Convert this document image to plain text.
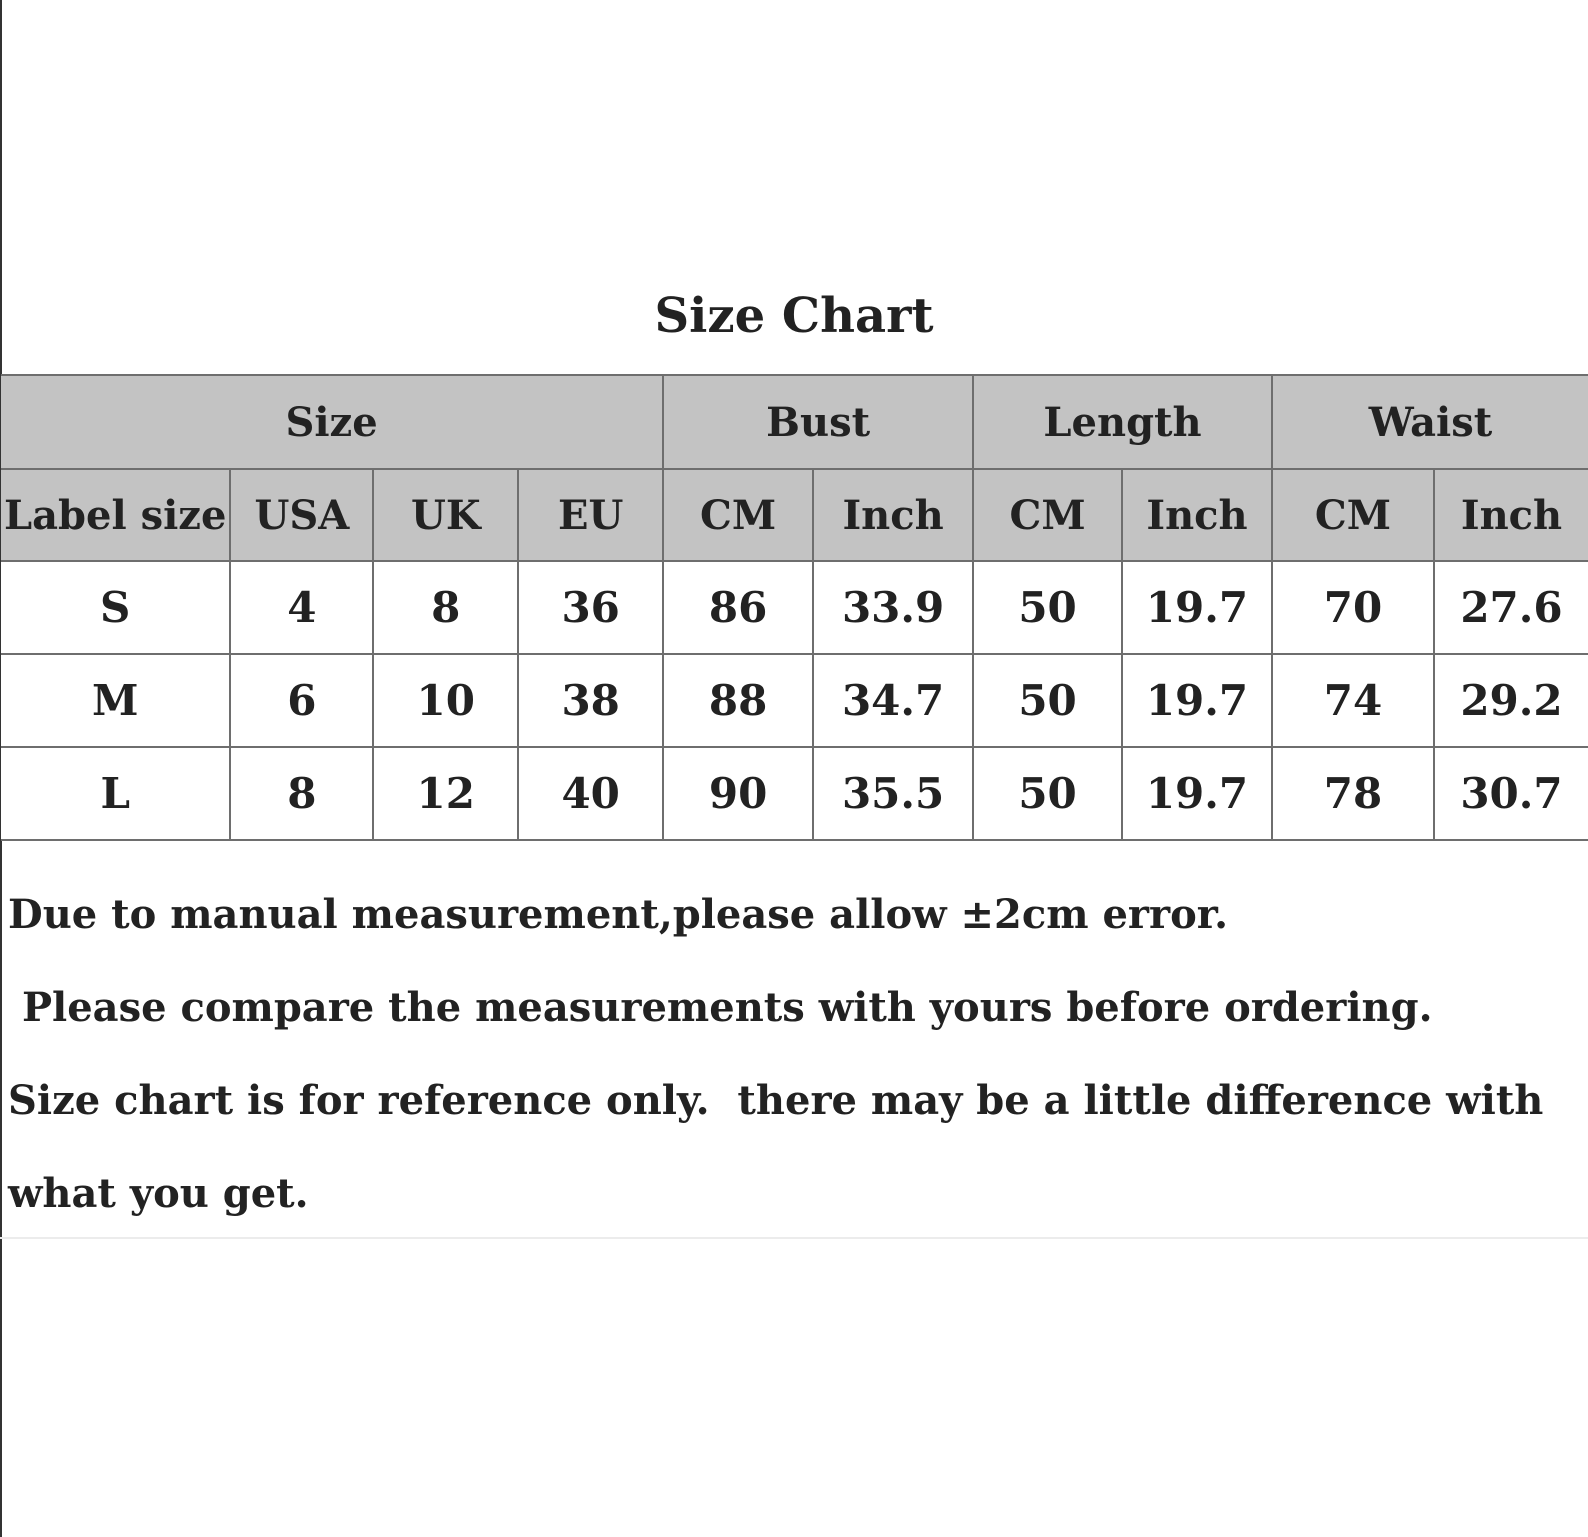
Size Chart
Size				Bust		Length		Waist	
Label size	USA	UK	EU	CM	Inch	CM	Inch	CM	Inch
S	4	8	36	86	33.9	50	19.7	70	27.6
M	6	10	38	88	34.7	50	19.7	74	29.2
L	8	12	40	90	35.5	50	19.7	78	30.7

Due to manual measurement,please allow ±2cm error.

Please compare the measurements with yours before ordering.

Size chart is for reference only.  there may be a little difference with what you get.
